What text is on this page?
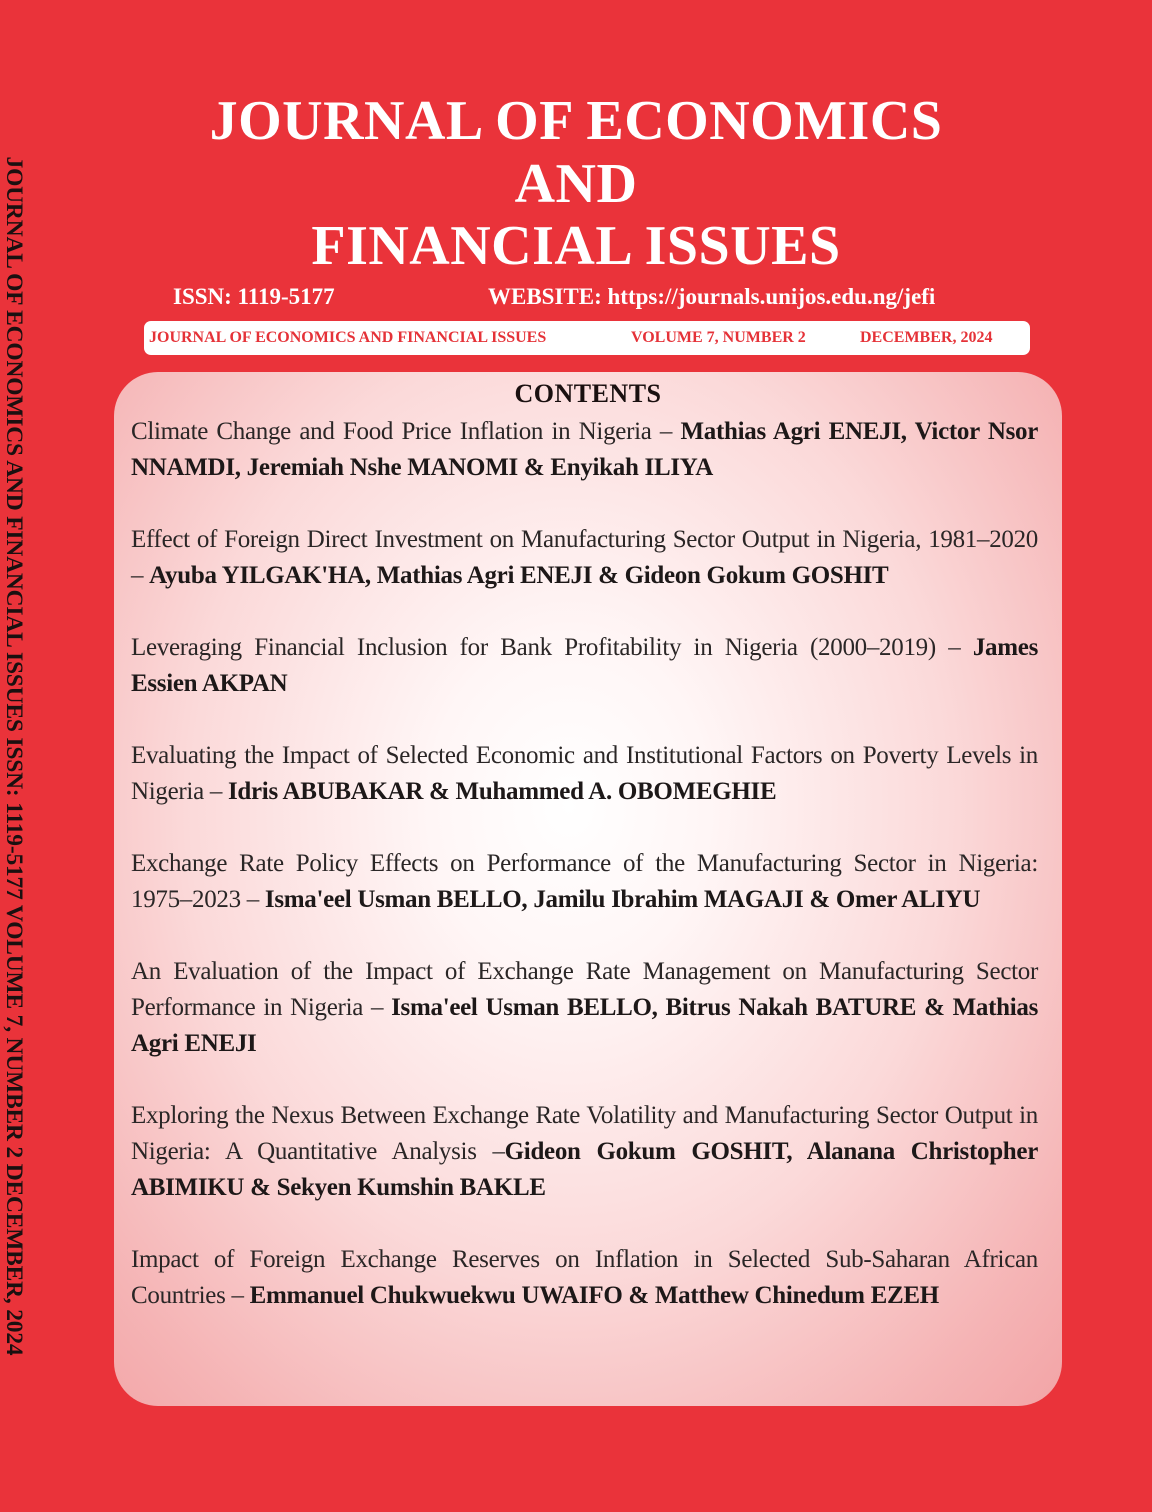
JOURNAL OF ECONOMICS AND FINANCIAL ISSUES ISSN: 1119-5177 VOLUME 7, NUMBER 2 DECEMBER, 2024
JOURNAL OF ECONOMICS
AND
FINANCIAL ISSUES
ISSN: 1119-5177	WEBSITE: https://journals.unijos.edu.ng/jefi
JOURNAL OF ECONOMICS AND FINANCIAL ISSUES	VOLUME 7, NUMBER 2	DECEMBER, 2024
CONTENTS

Climate Change and Food Price Inflation in Nigeria – Mathias Agri ENEJI, Victor Nsor NNAMDI, Jeremiah Nshe MANOMI & Enyikah ILIYA

Effect of Foreign Direct Investment on Manufacturing Sector Output in Nigeria, 1981–2020 – Ayuba YILGAK'HA, Mathias Agri ENEJI & Gideon Gokum GOSHIT

Leveraging Financial Inclusion for Bank Profitability in Nigeria (2000–2019) – James Essien AKPAN

Evaluating the Impact of Selected Economic and Institutional Factors on Poverty Levels in Nigeria – Idris ABUBAKAR & Muhammed A. OBOMEGHIE

Exchange Rate Policy Effects on Performance of the Manufacturing Sector in Nigeria: 1975–2023 – Isma'eel Usman BELLO, Jamilu Ibrahim MAGAJI & Omer ALIYU

An Evaluation of the Impact of Exchange Rate Management on Manufacturing Sector Performance in Nigeria – Isma'eel Usman BELLO, Bitrus Nakah BATURE & Mathias Agri ENEJI

Exploring the Nexus Between Exchange Rate Volatility and Manufacturing Sector Output in Nigeria: A Quantitative Analysis –Gideon Gokum GOSHIT, Alanana Christopher ABIMIKU & Sekyen Kumshin BAKLE

Impact of Foreign Exchange Reserves on Inflation in Selected Sub-Saharan African Countries – Emmanuel Chukwuekwu UWAIFO & Matthew Chinedum EZEH
